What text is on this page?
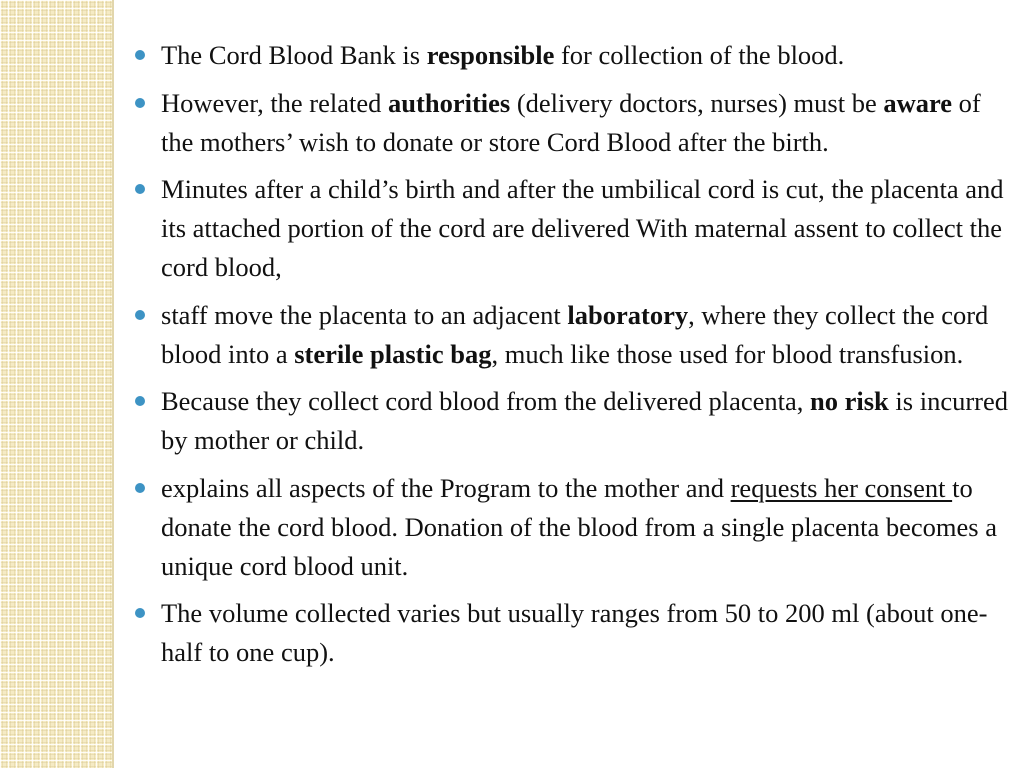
The Cord Blood Bank is responsible for collection of the blood.
However, the related authorities (delivery doctors, nurses) must be aware of the mothers’ wish to donate or store Cord Blood after the birth.
Minutes after a child’s birth and after the umbilical cord is cut, the placenta and its attached portion of the cord are delivered With maternal assent to collect the cord blood,
staff move the placenta to an adjacent laboratory, where they collect the cord blood into a sterile plastic bag, much like those used for blood transfusion.
Because they collect cord blood from the delivered placenta, no risk is incurred by mother or child.
explains all aspects of the Program to the mother and requests her consent to donate the cord blood. Donation of the blood from a single placenta becomes a unique cord blood unit.
The volume collected varies but usually ranges from 50 to 200 ml (about one-half to one cup).
